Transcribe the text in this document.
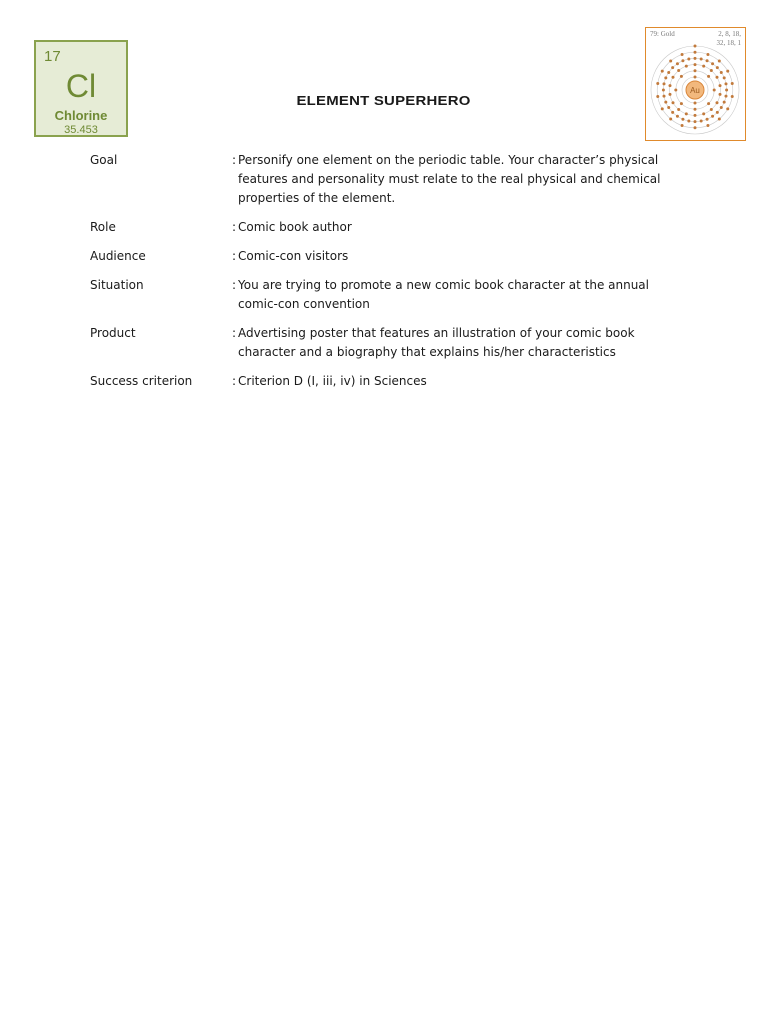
17
Cl
Chlorine
35.453
ELEMENT SUPERHERO
79: Gold	2, 8, 18,
32, 18, 1
Au
Goal	: Personify one element on the periodic table. Your character’s physical features and personality must relate to the real physical and chemical properties of the element.
Role	: Comic book author
Audience	: Comic-con visitors
Situation	: You are trying to promote a new comic book character at the annual comic-con convention
Product	: Advertising poster that features an illustration of your comic book character and a biography that explains his/her characteristics
Success criterion	: Criterion D (I, iii, iv) in Sciences
